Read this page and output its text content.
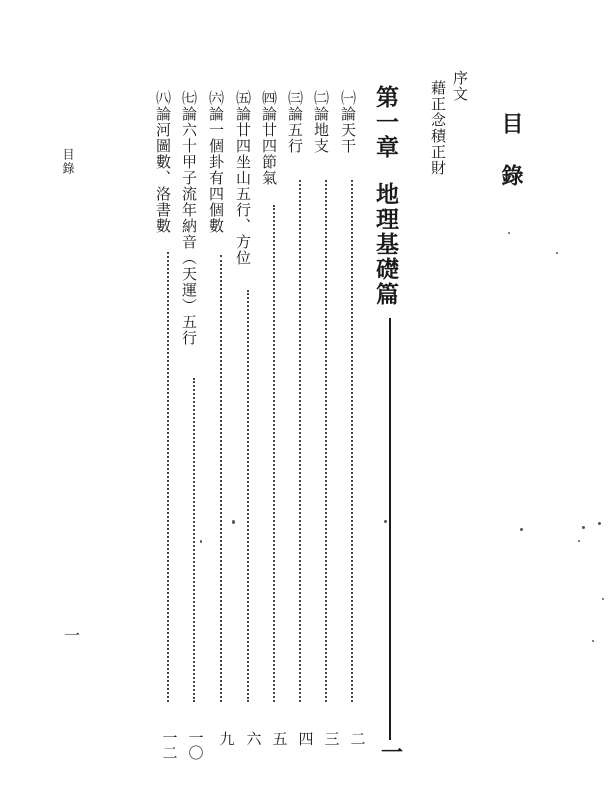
目錄
序文
藉正念積正財
第一章地理基礎篇
一
㈠論天干
二
㈡論地支
三
㈢論五行
四
㈣論廿四節氣
五
㈤論廿四坐山五行、方位
六
㈥論一個卦有四個數
九
㈦論六十甲子流年納音（天運）五行
一〇
㈧論河圖數、洛書數
一二
目錄
一
